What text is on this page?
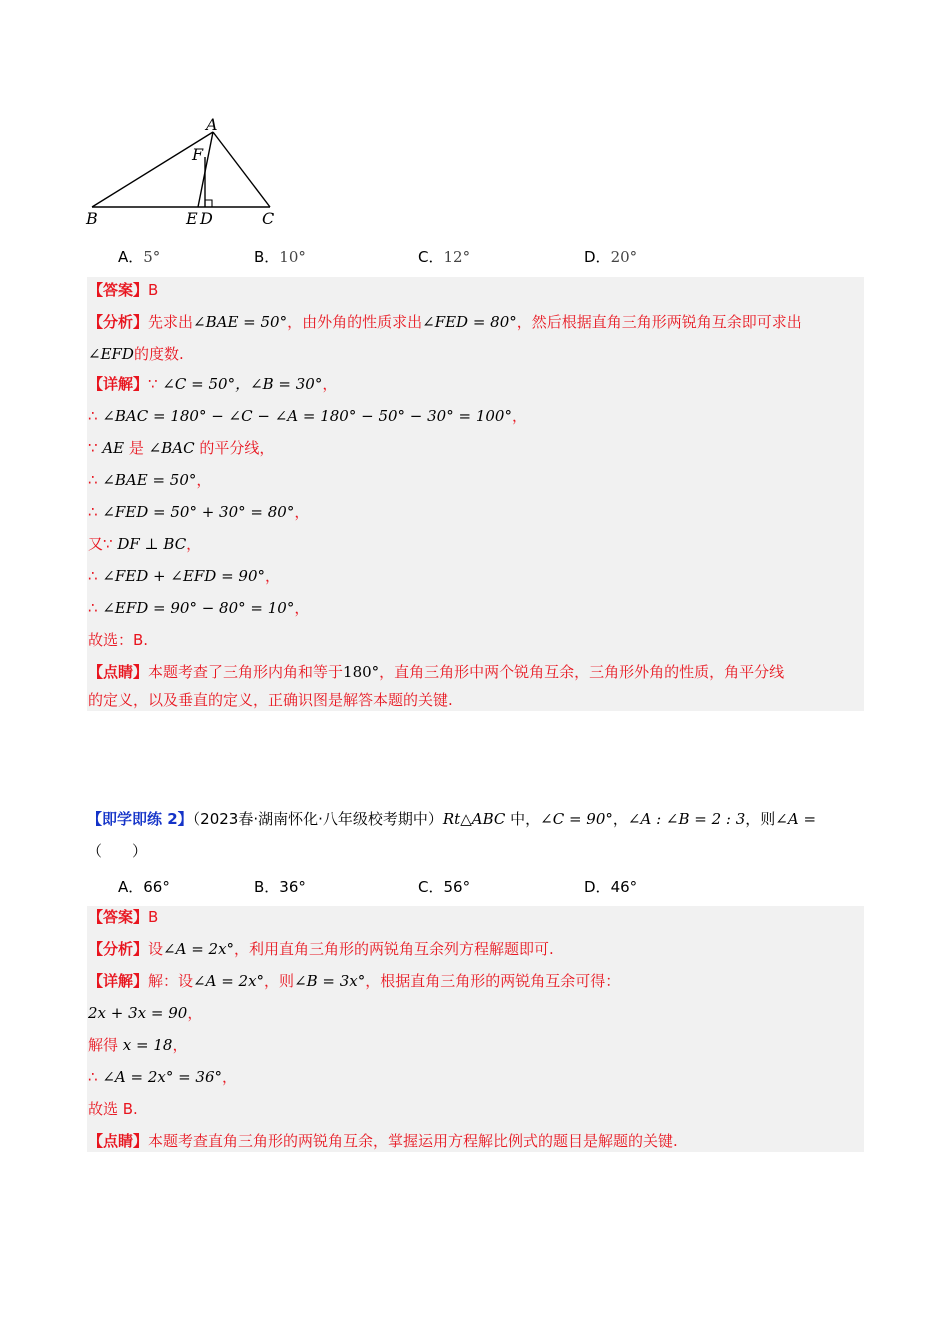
A
F
B	E D	C
A．5°	B．10°	C．12°	D．20°
【答案】B
【分析】先求出∠BAE = 50°，由外角的性质求出∠FED = 80°，然后根据直角三角形两锐角互余即可求出
∠EFD的度数.
【详解】∵ ∠C = 50°，∠B = 30°，
∴ ∠BAC = 180° − ∠C − ∠A = 180° − 50° − 30° = 100°，
∵ AE 是 ∠BAC 的平分线，
∴ ∠BAE = 50°，
∴ ∠FED = 50° + 30° = 80°，
又∵ DF ⊥ BC，
∴ ∠FED + ∠EFD = 90°，
∴ ∠EFD = 90° − 80° = 10°，
故选：B.
【点睛】本题考查了三角形内角和等于180°，直角三角形中两个锐角互余，三角形外角的性质，角平分线
的定义，以及垂直的定义，正确识图是解答本题的关键.
【即学即练 2】（2023春·湖南怀化·八年级校考期中）Rt△ABC 中，∠C = 90°，∠A : ∠B = 2 : 3，则∠A =
（　　）
A．66°	B．36°	C．56°	D．46°
【答案】B
【分析】设∠A = 2x°，利用直角三角形的两锐角互余列方程解题即可.
【详解】解：设∠A = 2x°，则∠B = 3x°，根据直角三角形的两锐角互余可得：
2x + 3x = 90，
解得 x = 18，
∴ ∠A = 2x° = 36°，
故选 B.
【点睛】本题考查直角三角形的两锐角互余，掌握运用方程解比例式的题目是解题的关键.
